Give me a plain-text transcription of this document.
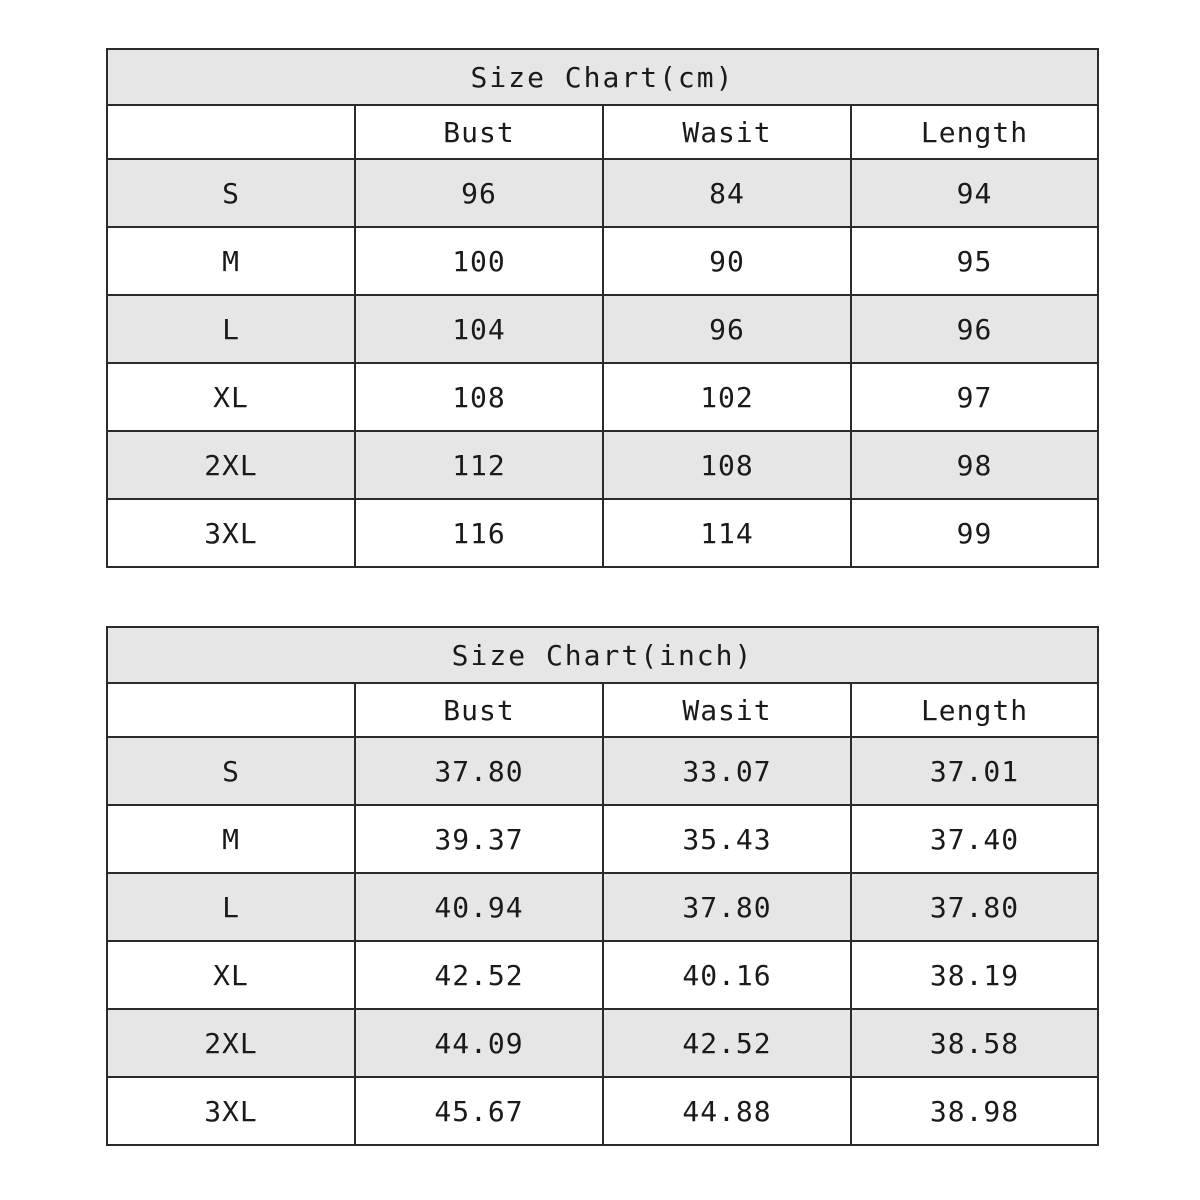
Size Chart(cm)			
	Bust	Wasit	Length
S	96	84	94
M	100	90	95
L	104	96	96
XL	108	102	97
2XL	112	108	98
3XL	116	114	99
Size Chart(inch)			
	Bust	Wasit	Length
S	37.80	33.07	37.01
M	39.37	35.43	37.40
L	40.94	37.80	37.80
XL	42.52	40.16	38.19
2XL	44.09	42.52	38.58
3XL	45.67	44.88	38.98
